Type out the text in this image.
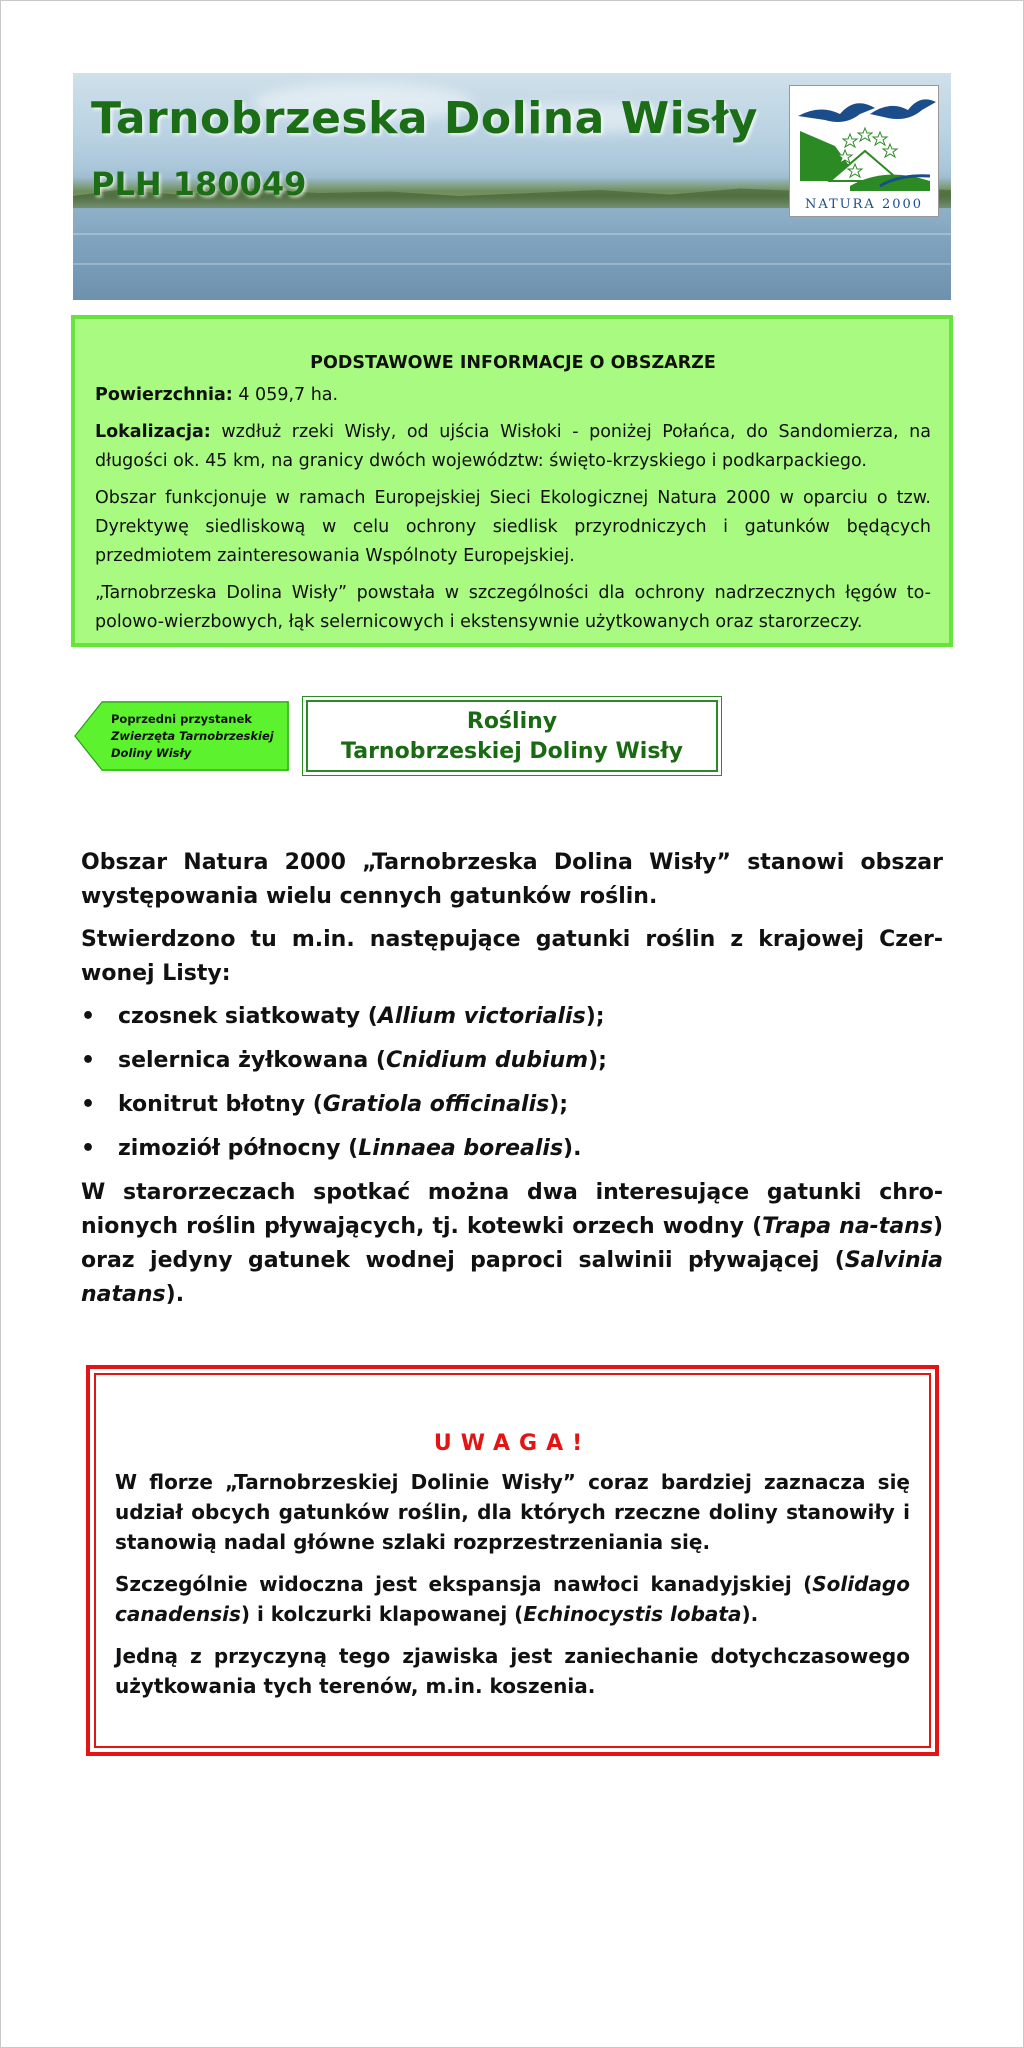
Tarnobrzeska Dolina Wisły
PLH 180049
NATURA 2000
PODSTAWOWE INFORMACJE O OBSZARZE

Powierzchnia: 4 059,7 ha.

Lokalizacja: wzdłuż rzeki Wisły, od ujścia Wisłoki - poniżej Połańca, do Sandomierza, na długości ok. 45 km, na granicy dwóch województw: święto-krzyskiego i podkarpackiego.

Obszar funkcjonuje w ramach Europejskiej Sieci Ekologicznej Natura 2000 w oparciu o tzw. Dyrektywę siedliskową w celu ochrony siedlisk przyrodniczych i gatunków będących przedmiotem zainteresowania Wspólnoty Europejskiej.

„Tarnobrzeska Dolina Wisły” powstała w szczególności dla ochrony nadrzecznych łęgów to-polowo-wierzbowych, łąk selernicowych i ekstensywnie użytkowanych oraz starorzeczy.

Poprzedni przystanek
Zwierzęta Tarnobrzeskiej
Doliny Wisły
Rośliny
Tarnobrzeskiej Doliny Wisły

Obszar Natura 2000 „Tarnobrzeska Dolina Wisły” stanowi obszar występowania wielu cennych gatunków roślin.

Stwierdzono tu m.in. następujące gatunki roślin z krajowej Czer-wonej Listy:

• czosnek siatkowaty (Allium victorialis);
• selernica żyłkowana (Cnidium dubium);
• konitrut błotny (Gratiola officinalis);
• zimoziół północny (Linnaea borealis).

W starorzeczach spotkać można dwa interesujące gatunki chro-nionych roślin pływających, tj. kotewki orzech wodny (Trapa na-tans) oraz jedyny gatunek wodnej paproci salwinii pływającej (Salvinia natans).

UWAGA!

W florze „Tarnobrzeskiej Dolinie Wisły” coraz bardziej zaznacza się udział obcych gatunków roślin, dla których rzeczne doliny stanowiły i stanowią nadal główne szlaki rozprzestrzeniania się.

Szczególnie widoczna jest ekspansja nawłoci kanadyjskiej (Solidago canadensis) i kolczurki klapowanej (Echinocystis lobata).

Jedną z przyczyną tego zjawiska jest zaniechanie dotychczasowego użytkowania tych terenów, m.in. koszenia.
